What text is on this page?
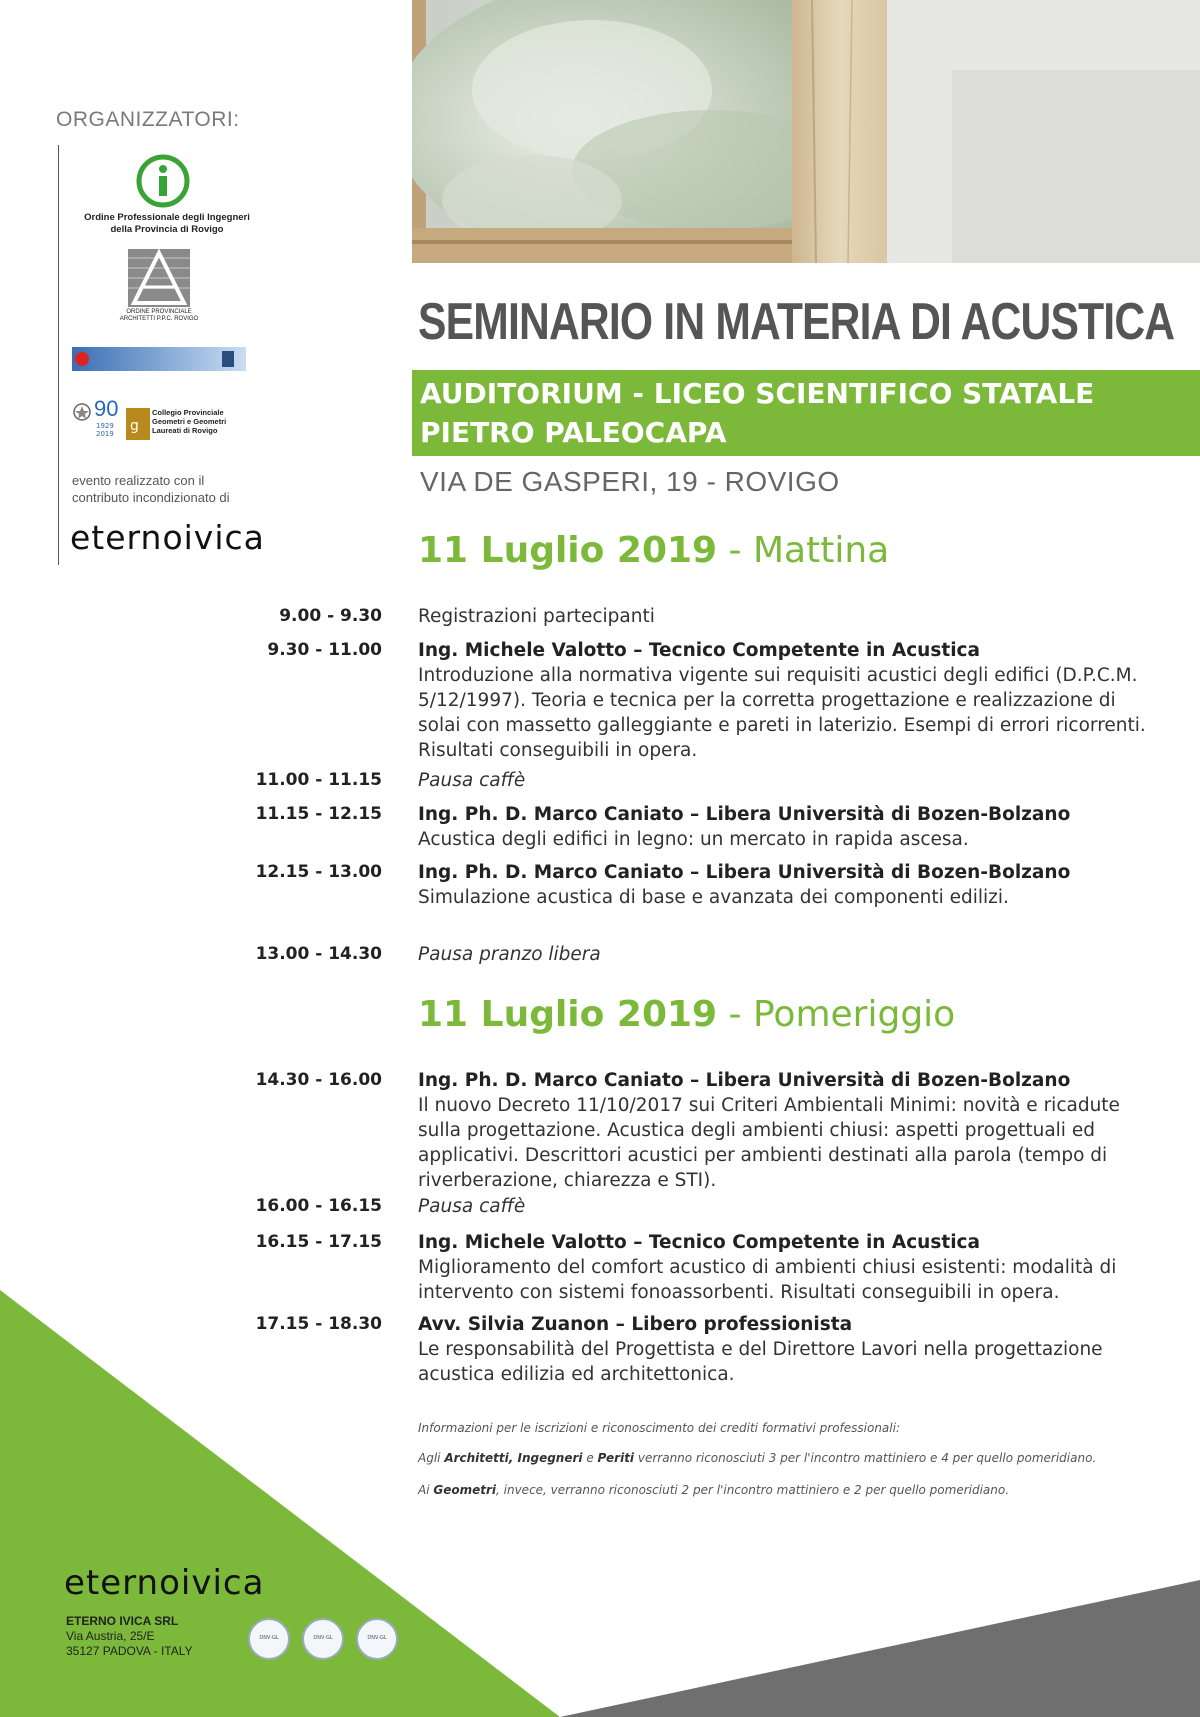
ORGANIZZATORI:
Ordine Professionale degli Ingegneri della Provincia di Rovigo
ORDINE PROVINCIALE ARCHITETTI P.P.C. ROVIGO
90
1929 2019	g
Collegio Provinciale Geometri e Geometri Laureati di Rovigo
evento realizzato con il contributo incondizionato di
eternoivica
SEMINARIO IN MATERIA DI ACUSTICA
AUDITORIUM - LICEO SCIENTIFICO STATALE
PIETRO PALEOCAPA
VIA DE GASPERI, 19 - ROVIGO
11 Luglio 2019 - Mattina
11 Luglio 2019 - Pomeriggio
9.00 - 9.30 Registrazioni partecipanti
9.30 - 11.00 Ing. Michele Valotto – Tecnico Competente in Acustica
Introduzione alla normativa vigente sui requisiti acustici degli edifici (D.P.C.M. 5/12/1997). Teoria e tecnica per la corretta progettazione e realizzazione di solai con massetto galleggiante e pareti in laterizio. Esempi di errori ricorrenti. Risultati conseguibili in opera.
11.00 - 11.15 Pausa caffè
11.15 - 12.15 Ing. Ph. D. Marco Caniato – Libera Università di Bozen-Bolzano
Acustica degli edifici in legno: un mercato in rapida ascesa.
12.15 - 13.00 Ing. Ph. D. Marco Caniato – Libera Università di Bozen-Bolzano
Simulazione acustica di base e avanzata dei componenti edilizi.
13.00 - 14.30 Pausa pranzo libera
14.30 - 16.00 Ing. Ph. D. Marco Caniato – Libera Università di Bozen-Bolzano
Il nuovo Decreto 11/10/2017 sui Criteri Ambientali Minimi: novità e ricadute sulla progettazione. Acustica degli ambienti chiusi: aspetti progettuali ed applicativi. Descrittori acustici per ambienti destinati alla parola (tempo di riverberazione, chiarezza e STI).
16.00 - 16.15 Pausa caffè
16.15 - 17.15 Ing. Michele Valotto – Tecnico Competente in Acustica
Miglioramento del comfort acustico di ambienti chiusi esistenti: modalità di intervento con sistemi fonoassorbenti. Risultati conseguibili in opera.
17.15 - 18.30 Avv. Silvia Zuanon – Libero professionista
Le responsabilità del Progettista e del Direttore Lavori nella progettazione acustica edilizia ed architettonica.
Informazioni per le iscrizioni e riconoscimento dei crediti formativi professionali:
Agli Architetti, Ingegneri e Periti verranno riconosciuti 3 per l'incontro mattiniero e 4 per quello pomeridiano.
Ai Geometri, invece, verranno riconosciuti 2 per l'incontro mattiniero e 2 per quello pomeridiano.
eternoivica
ETERNO IVICA SRL
Via Austria, 25/E
35127 PADOVA - ITALY
DNV·GL	DNV·GL	DNV·GL
